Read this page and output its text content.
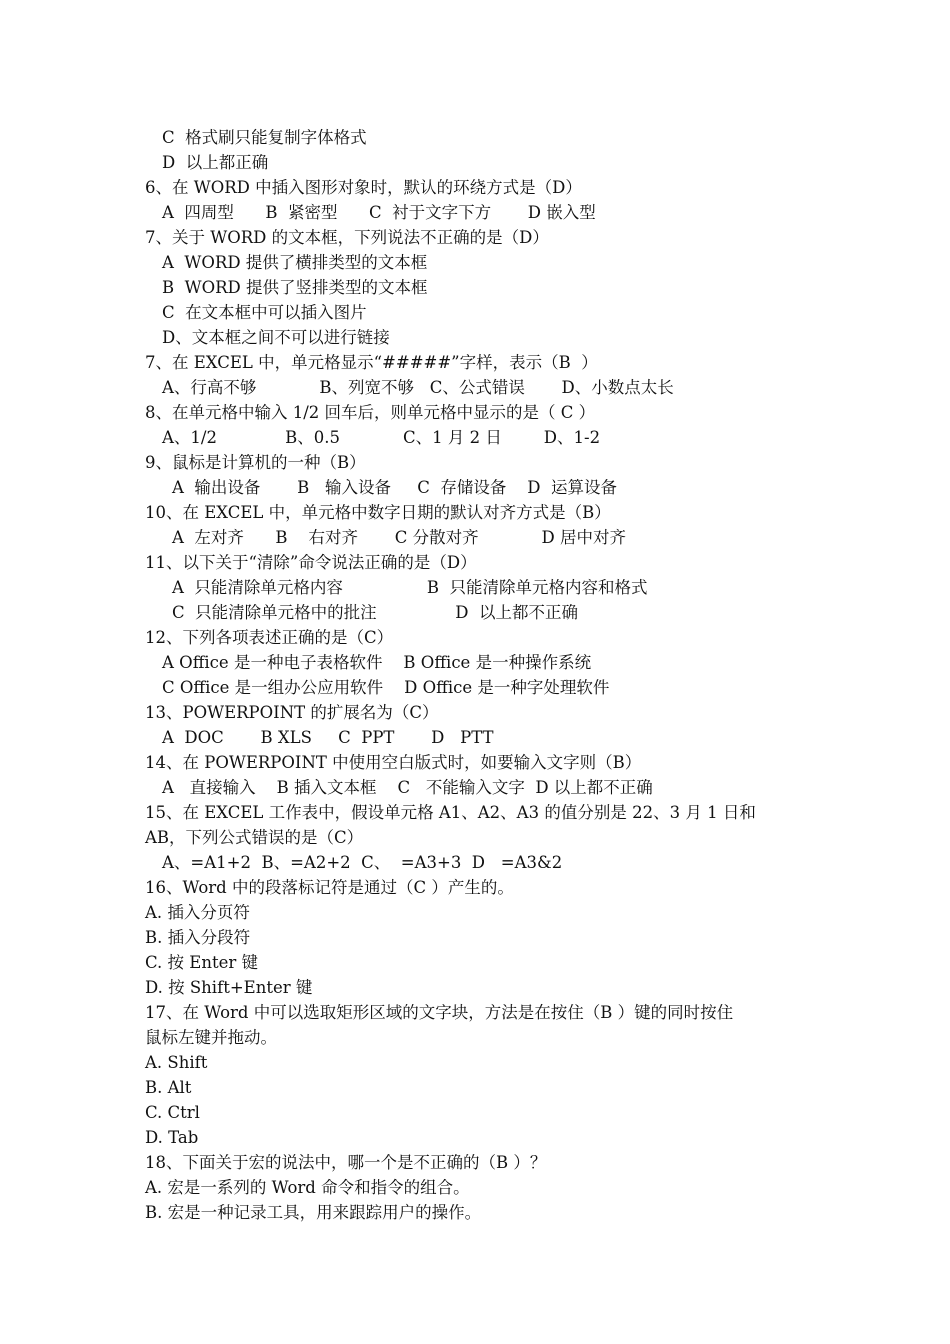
C  格式刷只能复制字体格式
D  以上都正确
6、在 WORD 中插入图形对象时，默认的环绕方式是（D）
A  四周型      B  紧密型      C  衬于文字下方       D 嵌入型
7、关于 WORD 的文本框，下列说法不正确的是（D）
A  WORD 提供了横排类型的文本框
B  WORD 提供了竖排类型的文本框
C  在文本框中可以插入图片
D、文本框之间不可以进行链接
7、在 EXCEL 中，单元格显示“#####”字样，表示（B  ）
A、行高不够            B、列宽不够   C、公式错误       D、小数点太长
8、在单元格中输入 1/2 回车后，则单元格中显示的是（ C ）
A、1/2             B、0.5            C、1 月 2 日        D、1-2
9、鼠标是计算机的一种（B）
A  输出设备       B   输入设备     C  存储设备    D  运算设备
10、在 EXCEL 中，单元格中数字日期的默认对齐方式是（B）
A  左对齐      B    右对齐       C 分散对齐            D 居中对齐
11、以下关于“清除”命令说法正确的是（D）
A  只能清除单元格内容                B  只能清除单元格内容和格式
C  只能清除单元格中的批注               D  以上都不正确
12、下列各项表述正确的是（C）
A Office 是一种电子表格软件    B Office 是一种操作系统
C Office 是一组办公应用软件    D Office 是一种字处理软件
13、POWERPOINT 的扩展名为（C）
A  DOC       B XLS     C  PPT       D   PTT
14、在 POWERPOINT 中使用空白版式时，如要输入文字则（B）
A   直接输入    B 插入文本框    C   不能输入文字  D 以上都不正确
15、在 EXCEL 工作表中，假设单元格 A1、A2、A3 的值分别是 22、3 月 1 日和
AB，下列公式错误的是（C）
A、=A1+2  B、=A2+2  C、  =A3+3  D   =A3&2
16、Word 中的段落标记符是通过（C ）产生的。
A. 插入分页符
B. 插入分段符
C. 按 Enter 键
D. 按 Shift+Enter 键
17、在 Word 中可以选取矩形区域的文字块，方法是在按住（B ）键的同时按住
鼠标左键并拖动。
A. Shift
B. Alt
C. Ctrl
D. Tab
18、下面关于宏的说法中，哪一个是不正确的（B ）？
A. 宏是一系列的 Word 命令和指令的组合。
B. 宏是一种记录工具，用来跟踪用户的操作。
